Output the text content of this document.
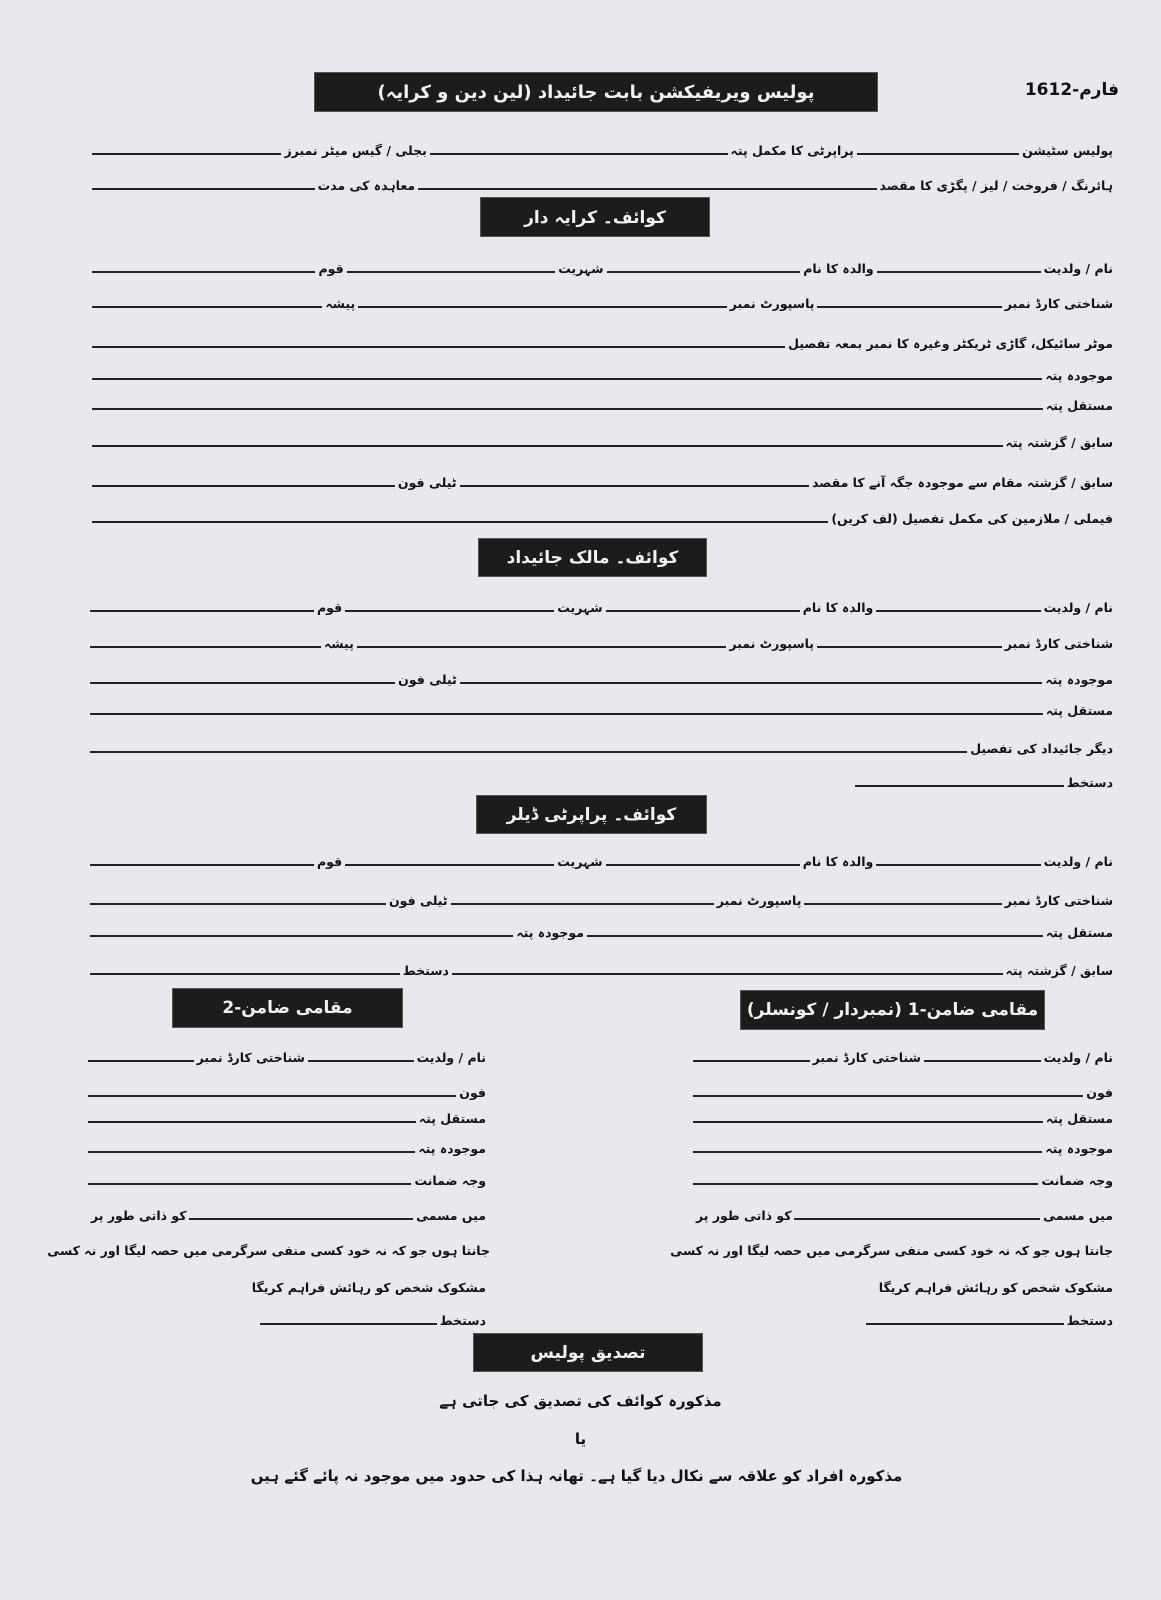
فارم-1612
پولیس ویریفیکشن بابت جائیداد (لین دین و کرایہ)
پولیس سٹیشن
پراپرٹی کا مکمل پتہ
بجلی / گیس میٹر نمبرز
ہائرنگ / فروخت / لیز / پگڑی کا مقصد
معاہدہ کی مدت
کوائف۔ کرایہ دار
نام / ولدیت
والدہ کا نام
شہریت
قوم
شناختی کارڈ نمبر
پاسپورٹ نمبر
پیشہ
موٹر سائیکل، گاڑی ٹریکٹر وغیرہ کا نمبر بمعہ تفصیل
موجودہ پتہ
مستقل پتہ
سابق / گزشتہ پتہ
سابق / گزشتہ مقام سے موجودہ جگہ آنے کا مقصد
ٹیلی فون
فیملی / ملازمین کی مکمل تفصیل (لف کریں)
کوائف۔ مالک جائیداد
نام / ولدیت
والدہ کا نام
شہریت
قوم
شناختی کارڈ نمبر
پاسپورٹ نمبر
پیشہ
موجودہ پتہ
ٹیلی فون
مستقل پتہ
دیگر جائیداد کی تفصیل
دستخط
کوائف۔ پراپرٹی ڈیلر
نام / ولدیت
والدہ کا نام
شہریت
قوم
شناختی کارڈ نمبر
پاسپورٹ نمبر
ٹیلی فون
مستقل پتہ
موجودہ پتہ
سابق / گزشتہ پتہ
دستخط
مقامی ضامن-1 (نمبردار / کونسلر)
نام / ولدیت
شناختی کارڈ نمبر
فون
مستقل پتہ
موجودہ پتہ
وجہ ضمانت
میں مسمی
کو ذاتی طور پر
جانتا ہوں جو کہ نہ خود کسی منفی سرگرمی میں حصہ لیگا اور نہ کسی
مشکوک شخص کو رہائش فراہم کریگا
دستخط
مقامی ضامن-2
نام / ولدیت
شناختی کارڈ نمبر
فون
مستقل پتہ
موجودہ پتہ
وجہ ضمانت
میں مسمی
کو ذاتی طور پر
جانتا ہوں جو کہ نہ خود کسی منفی سرگرمی میں حصہ لیگا اور نہ کسی
مشکوک شخص کو رہائش فراہم کریگا
دستخط
تصدیق پولیس
مذکورہ کوائف کی تصدیق کی جاتی ہے
یا
مذکورہ افراد کو علاقہ سے نکال دیا گیا ہے۔ تھانہ ہذا کی حدود میں موجود نہ پائے گئے ہیں
